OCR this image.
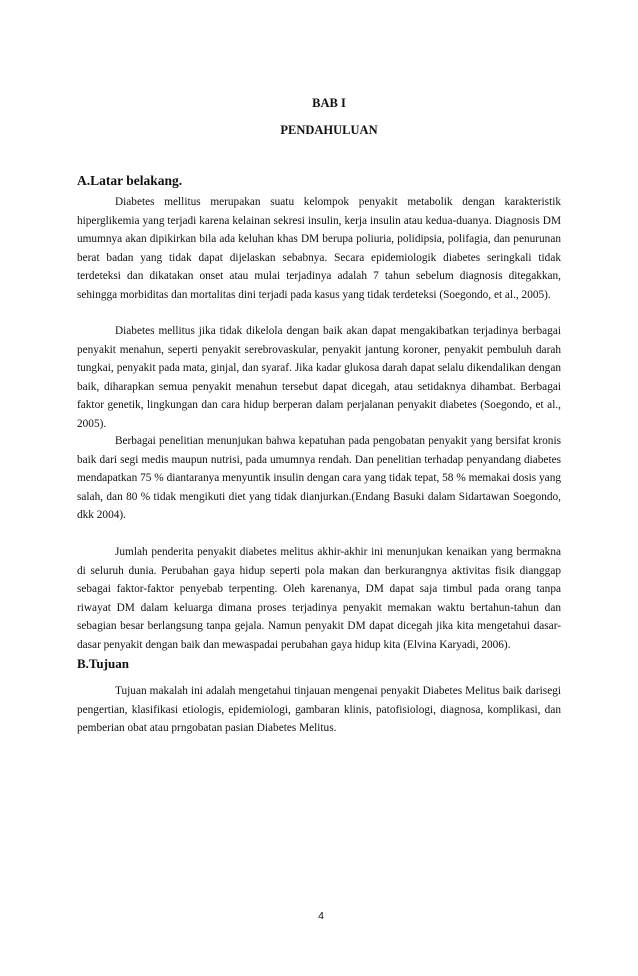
BAB I
PENDAHULUAN
A.Latar belakang.

Diabetes mellitus merupakan suatu kelompok penyakit metabolik dengan karakteristik hiperglikemia yang terjadi karena kelainan sekresi insulin, kerja insulin atau kedua-duanya. Diagnosis DM umumnya akan dipikirkan bila ada keluhan khas DM berupa poliuria, polidipsia, polifagia, dan penurunan berat badan yang tidak dapat dijelaskan sebabnya. Secara epidemiologik diabetes seringkali tidak terdeteksi dan dikatakan onset atau mulai terjadinya adalah 7 tahun sebelum diagnosis ditegakkan, sehingga morbiditas dan mortalitas dini terjadi pada kasus yang tidak terdeteksi (Soegondo, et al., 2005).

Diabetes mellitus jika tidak dikelola dengan baik akan dapat mengakibatkan terjadinya berbagai penyakit menahun, seperti penyakit serebrovaskular, penyakit jantung koroner, penyakit pembuluh darah tungkai, penyakit pada mata, ginjal, dan syaraf. Jika kadar glukosa darah dapat selalu dikendalikan dengan baik, diharapkan semua penyakit menahun tersebut dapat dicegah, atau setidaknya dihambat. Berbagai faktor genetik, lingkungan dan cara hidup berperan dalam perjalanan penyakit diabetes (Soegondo, et al., 2005).

Berbagai penelitian menunjukan bahwa kepatuhan pada pengobatan penyakit yang bersifat kronis baik dari segi medis maupun nutrisi, pada umumnya rendah. Dan penelitian terhadap penyandang diabetes mendapatkan 75 % diantaranya menyuntik insulin dengan cara yang tidak tepat, 58 % memakai dosis yang salah, dan 80 % tidak mengikuti diet yang tidak dianjurkan.(Endang Basuki dalam Sidartawan Soegondo, dkk 2004).

Jumlah penderita penyakit diabetes melitus akhir-akhir ini menunjukan kenaikan yang bermakna di seluruh dunia. Perubahan gaya hidup seperti pola makan dan berkurangnya aktivitas fisik dianggap sebagai faktor-faktor penyebab terpenting. Oleh karenanya, DM dapat saja timbul pada orang tanpa riwayat DM dalam keluarga dimana proses terjadinya penyakit memakan waktu bertahun-tahun dan sebagian besar berlangsung tanpa gejala. Namun penyakit DM dapat dicegah jika kita mengetahui dasar-dasar penyakit dengan baik dan mewaspadai perubahan gaya hidup kita (Elvina Karyadi, 2006).

B.Tujuan

Tujuan makalah ini adalah mengetahui tinjauan mengenai penyakit Diabetes Melitus baik darisegi pengertian, klasifikasi etiologis, epidemiologi, gambaran klinis, patofisiologi, diagnosa, komplikasi, dan pemberian obat atau prngobatan pasian Diabetes Melitus.

4
